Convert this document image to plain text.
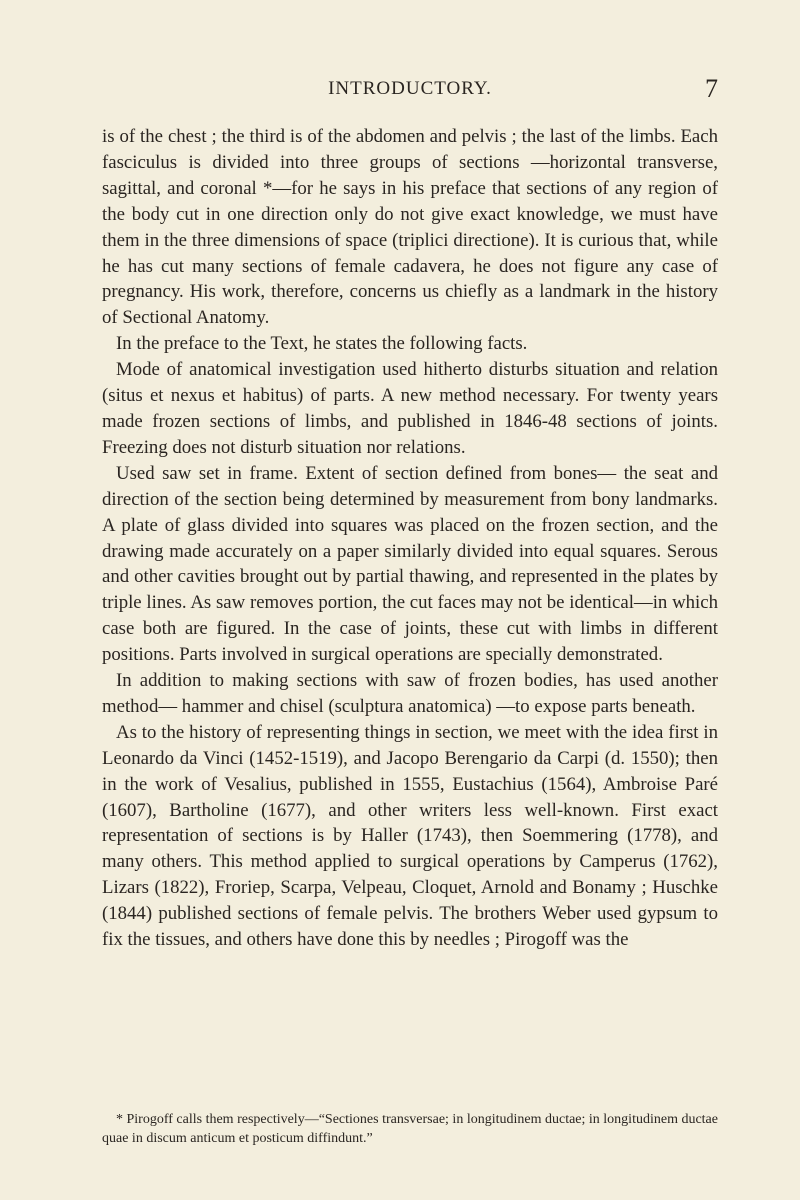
INTRODUCTORY.	7

is of the chest ; the third is of the abdomen and pelvis ; the last of the limbs. Each fasciculus is divided into three groups of sections —horizontal transverse, sagittal, and coronal *—for he says in his preface that sections of any region of the body cut in one direction only do not give exact knowledge, we must have them in the three dimensions of space (triplici directione). It is curious that, while he has cut many sections of female cadavera, he does not figure any case of pregnancy. His work, therefore, concerns us chiefly as a landmark in the history of Sectional Anatomy.

In the preface to the Text, he states the following facts.

Mode of anatomical investigation used hitherto disturbs situation and relation (situs et nexus et habitus) of parts. A new method necessary. For twenty years made frozen sections of limbs, and published in 1846-48 sections of joints. Freezing does not disturb situation nor relations.

Used saw set in frame. Extent of section defined from bones— the seat and direction of the section being determined by measurement from bony landmarks. A plate of glass divided into squares was placed on the frozen section, and the drawing made accurately on a paper similarly divided into equal squares. Serous and other cavities brought out by partial thawing, and represented in the plates by triple lines. As saw removes portion, the cut faces may not be identical—in which case both are figured. In the case of joints, these cut with limbs in different positions. Parts involved in surgical operations are specially demonstrated.

In addition to making sections with saw of frozen bodies, has used another method— hammer and chisel (sculptura anatomica) —to expose parts beneath.

As to the history of representing things in section, we meet with the idea first in Leonardo da Vinci (1452-1519), and Jacopo Berengario da Carpi (d. 1550); then in the work of Vesalius, published in 1555, Eustachius (1564), Ambroise Paré (1607), Bartholine (1677), and other writers less well-known. First exact representation of sections is by Haller (1743), then Soemmering (1778), and many others. This method applied to surgical operations by Camperus (1762), Lizars (1822), Froriep, Scarpa, Velpeau, Cloquet, Arnold and Bonamy ; Huschke (1844) published sections of female pelvis. The brothers Weber used gypsum to fix the tissues, and others have done this by needles ; Pirogoff was the

* Pirogoff calls them respectively—“Sectiones transversae; in longitudinem ductae; in longitudinem ductae quae in discum anticum et posticum diffindunt.”
